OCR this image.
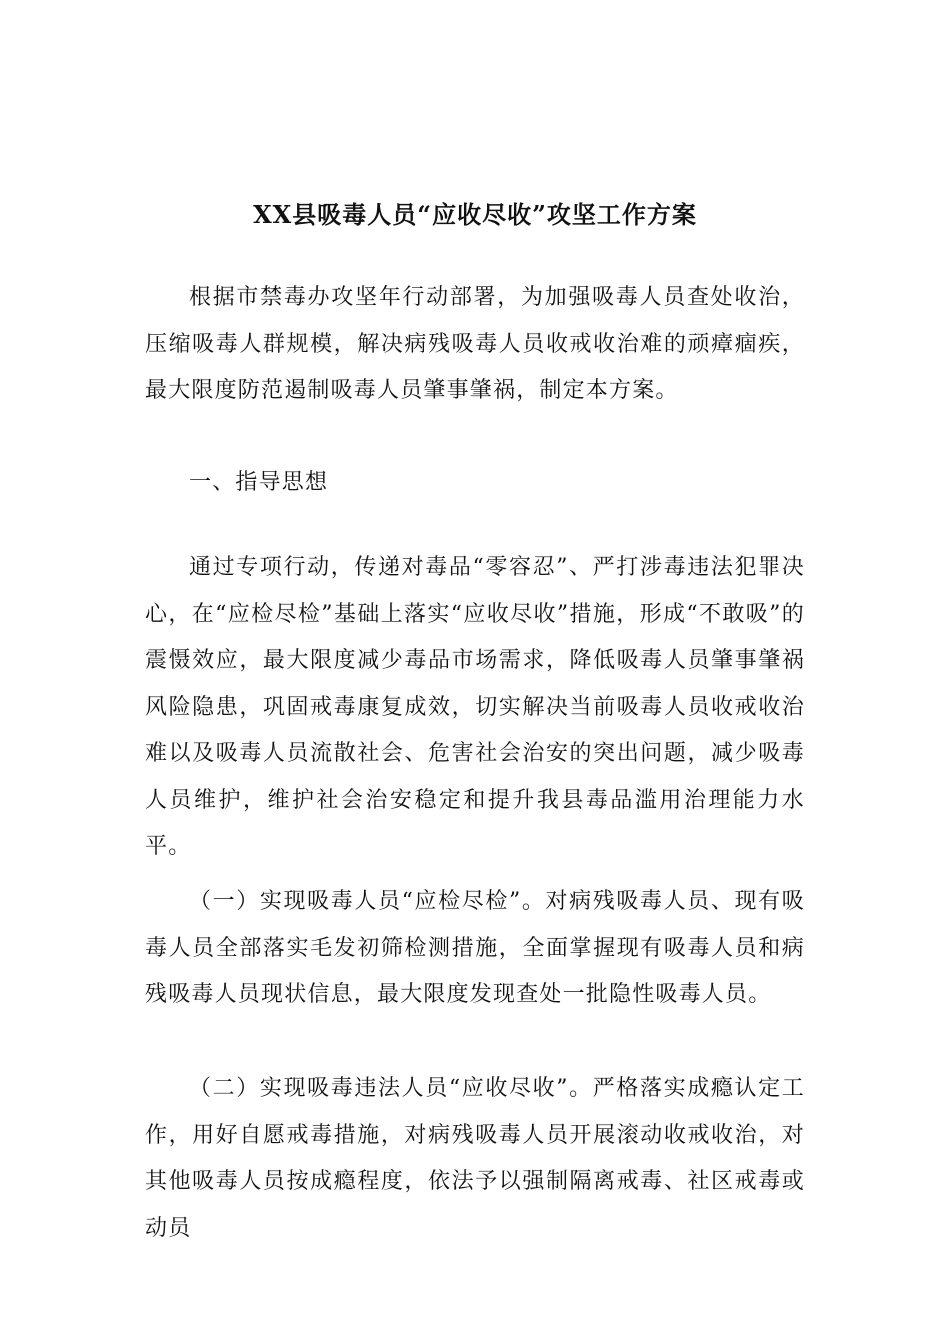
XX县吸毒人员“应收尽收”攻坚工作方案

根据市禁毒办攻坚年行动部署，为加强吸毒人员查处收治，压缩吸毒人群规模，解决病残吸毒人员收戒收治难的顽瘴痼疾，最大限度防范遏制吸毒人员肇事肇祸，制定本方案。

一、指导思想

通过专项行动，传递对毒品“零容忍”、严打涉毒违法犯罪决心，在“应检尽检”基础上落实“应收尽收”措施，形成“不敢吸”的震慑效应，最大限度减少毒品市场需求，降低吸毒人员肇事肇祸风险隐患，巩固戒毒康复成效，切实解决当前吸毒人员收戒收治难以及吸毒人员流散社会、危害社会治安的突出问题，减少吸毒人员维护，维护社会治安稳定和提升我县毒品滥用治理能力水平。

（一）实现吸毒人员“应检尽检”。对病残吸毒人员、现有吸毒人员全部落实毛发初筛检测措施，全面掌握现有吸毒人员和病残吸毒人员现状信息，最大限度发现查处一批隐性吸毒人员。

（二）实现吸毒违法人员“应收尽收”。严格落实成瘾认定工作，用好自愿戒毒措施，对病残吸毒人员开展滚动收戒收治，对其他吸毒人员按成瘾程度，依法予以强制隔离戒毒、社区戒毒或动员
